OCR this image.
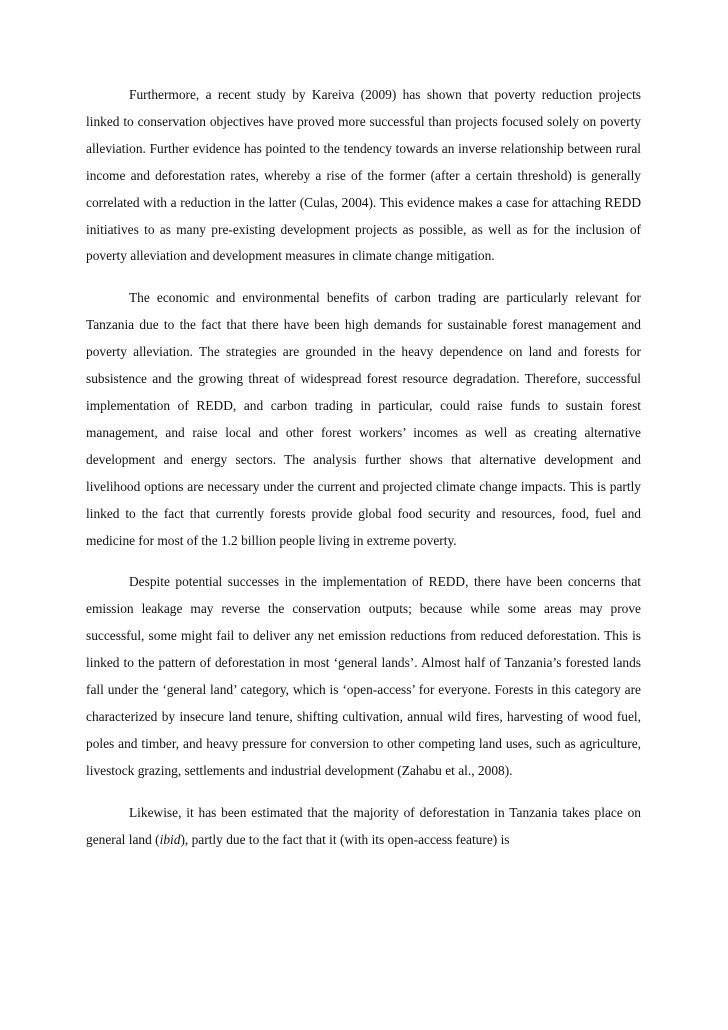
Furthermore, a recent study by Kareiva (2009) has shown that poverty reduction projects linked to conservation objectives have proved more successful than projects focused solely on poverty alleviation. Further evidence has pointed to the tendency towards an inverse relationship between rural income and deforestation rates, whereby a rise of the former (after a certain threshold) is generally correlated with a reduction in the latter (Culas, 2004). This evidence makes a case for attaching REDD initiatives to as many pre-existing development projects as possible, as well as for the inclusion of poverty alleviation and development measures in climate change mitigation.

The economic and environmental benefits of carbon trading are particularly relevant for Tanzania due to the fact that there have been high demands for sustainable forest management and poverty alleviation. The strategies are grounded in the heavy dependence on land and forests for subsistence and the growing threat of widespread forest resource degradation. Therefore, successful implementation of REDD, and carbon trading in particular, could raise funds to sustain forest management, and raise local and other forest workers’ incomes as well as creating alternative development and energy sectors. The analysis further shows that alternative development and livelihood options are necessary under the current and projected climate change impacts. This is partly linked to the fact that currently forests provide global food security and resources, food, fuel and medicine for most of the 1.2 billion people living in extreme poverty.

Despite potential successes in the implementation of REDD, there have been concerns that emission leakage may reverse the conservation outputs; because while some areas may prove successful, some might fail to deliver any net emission reductions from reduced deforestation. This is linked to the pattern of deforestation in most ‘general lands’. Almost half of Tanzania’s forested lands fall under the ‘general land’ category, which is ‘open-access’ for everyone. Forests in this category are characterized by insecure land tenure, shifting cultivation, annual wild fires, harvesting of wood fuel, poles and timber, and heavy pressure for conversion to other competing land uses, such as agriculture, livestock grazing, settlements and industrial development (Zahabu et al., 2008).

Likewise, it has been estimated that the majority of deforestation in Tanzania takes place on general land (ibid), partly due to the fact that it (with its open-access feature) is
